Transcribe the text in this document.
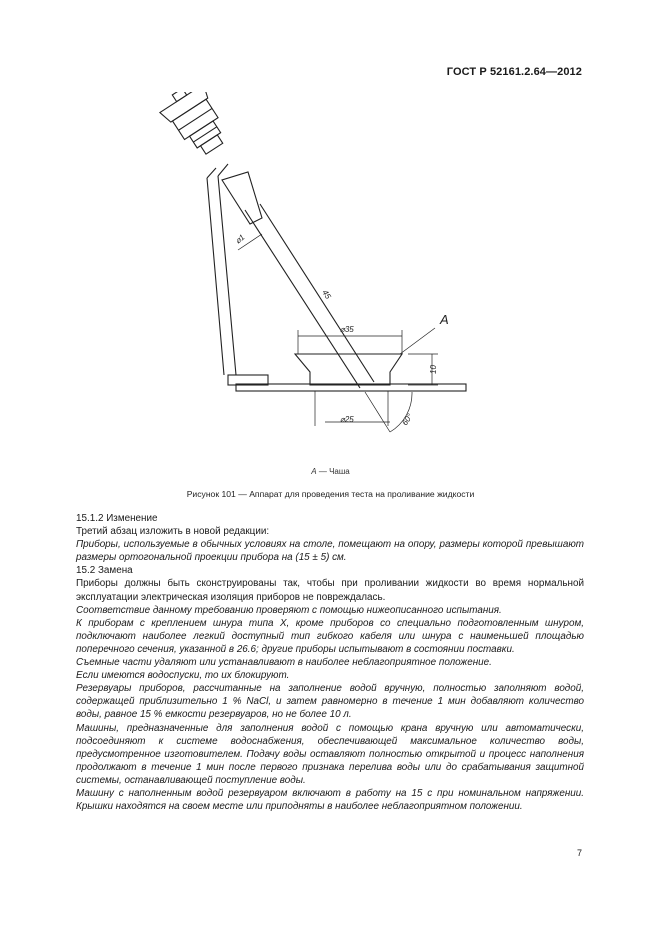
ГОСТ Р 52161.2.64—2012
A
⌀35
⌀25
10
⌀1
45
60°
A — Чаша
Рисунок 101 — Аппарат для проведения теста на проливание жидкости

15.1.2 Изменение

Третий абзац изложить в новой редакции:

Приборы, используемые в обычных условиях на столе, помещают на опору, размеры которой превышают размеры ортогональной проекции прибора на (15 ± 5) см.

15.2 Замена

Приборы должны быть сконструированы так, чтобы при проливании жидкости во время нормальной эксплуатации электрическая изоляция приборов не повреждалась.

Соответствие данному требованию проверяют с помощью нижеописанного испытания.

К приборам с креплением шнура типа X, кроме приборов со специально подготовленным шнуром, подключают наиболее легкий доступный тип гибкого кабеля или шнура с наименьшей площадью поперечного сечения, указанной в 26.6; другие приборы испытывают в состоянии поставки.

Съемные части удаляют или устанавливают в наиболее неблагоприятное положение.

Если имеются водоспуски, то их блокируют.

Резервуары приборов, рассчитанные на заполнение водой вручную, полностью заполняют водой, содержащей приблизительно 1 % NaCl, и затем равномерно в течение 1 мин добавляют количество воды, равное 15 % емкости резервуаров, но не более 10 л.

Машины, предназначенные для заполнения водой с помощью крана вручную или автоматически, подсоединяют к системе водоснабжения, обеспечивающей максимальное количество воды, предусмотренное изготовителем. Подачу воды оставляют полностью открытой и процесс наполнения продолжают в течение 1 мин после первого признака перелива воды или до срабатывания защитной системы, останавливающей поступление воды.

Машину с наполненным водой резервуаром включают в работу на 15 с при номинальном напряжении. Крышки находятся на своем месте или приподняты в наиболее неблагоприятном положении.

7
